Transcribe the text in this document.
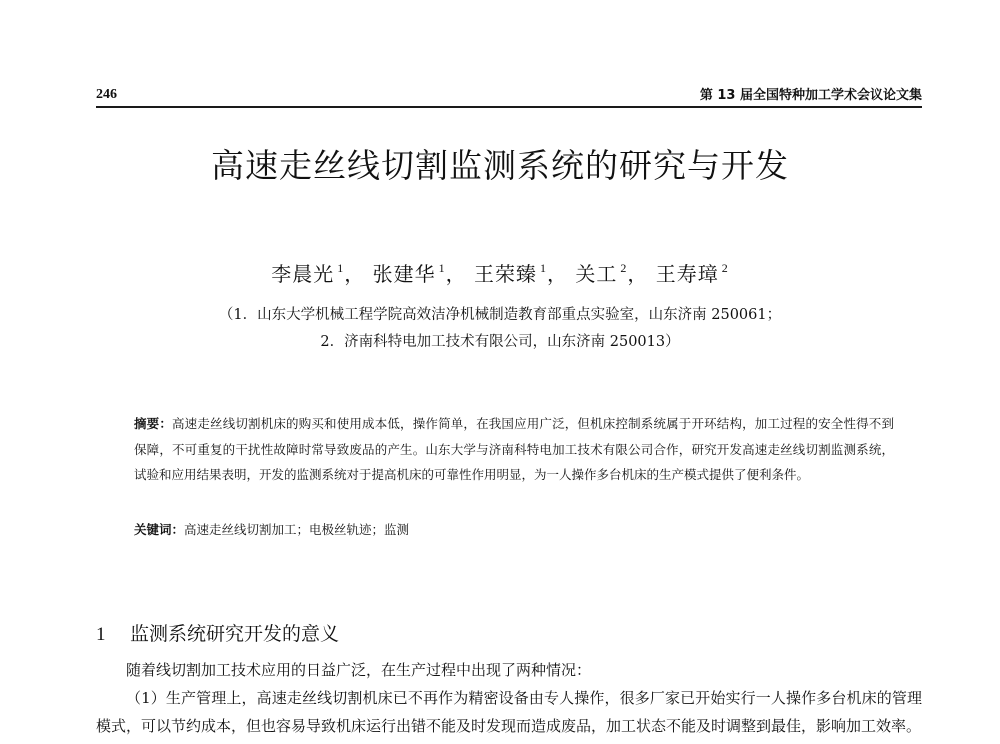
246	第 13 届全国特种加工学术会议论文集
高速走丝线切割监测系统的研究与开发
李晨光 $^1$， 张建华 $^1$， 王荣臻 $^1$， 关工 $^2$， 王寿璋 $^2$
（1．山东大学机械工程学院高效洁净机械制造教育部重点实验室，山东济南 250061；
2．济南科特电加工技术有限公司，山东济南 250013）
摘要：高速走丝线切割机床的购买和使用成本低，操作简单，在我国应用广泛，但机床控制系统属于开环结构，加工过程的安全性得不到保障，不可重复的干扰性故障时常导致废品的产生。山东大学与济南科特电加工技术有限公司合作，研究开发高速走丝线切割监测系统，试验和应用结果表明，开发的监测系统对于提高机床的可靠性作用明显，为一人操作多台机床的生产模式提供了便利条件。
关键词：高速走丝线切割加工；电极丝轨迹；监测
1 监测系统研究开发的意义
随着线切割加工技术应用的日益广泛，在生产过程中出现了两种情况：
（1）生产管理上，高速走丝线切割机床已不再作为精密设备由专人操作，很多厂家已开始实行一人操作多台机床的管理模式，可以节约成本，但也容易导致机床运行出错不能及时发现而造成废品，加工状态不能及时调整到最佳，影响加工效率。
